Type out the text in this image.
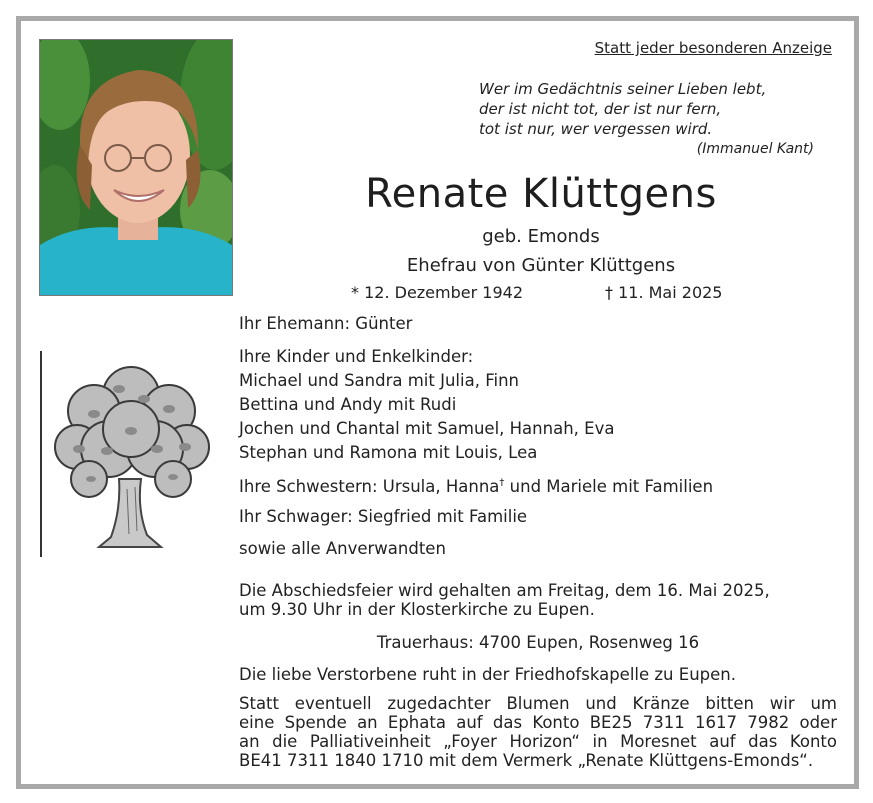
Statt jeder besonderen Anzeige
Wer im Gedächtnis seiner Lieben lebt,
der ist nicht tot, der ist nur fern,
tot ist nur, wer vergessen wird.
(Immanuel Kant)
Renate Klüttgens
geb. Emonds
Ehefrau von Günter Klüttgens
* 12. Dezember 1942	† 11. Mai 2025
Ihr Ehemann: Günter
Ihre Kinder und Enkelkinder:
Michael und Sandra mit Julia, Finn
Bettina und Andy mit Rudi
Jochen und Chantal mit Samuel, Hannah, Eva
Stephan und Ramona mit Louis, Lea
Ihre Schwestern: Ursula, Hanna† und Mariele mit Familien
Ihr Schwager: Siegfried mit Familie
sowie alle Anverwandten
Die Abschiedsfeier wird gehalten am Freitag, dem 16. Mai 2025,
um 9.30 Uhr in der Klosterkirche zu Eupen.
Trauerhaus: 4700 Eupen, Rosenweg 16
Die liebe Verstorbene ruht in der Friedhofskapelle zu Eupen.
Statt eventuell zugedachter Blumen und Kränze bitten wir um
eine Spende an Ephata auf das Konto BE25 7311 1617 7982 oder
an die Palliativeinheit „Foyer Horizon“ in Moresnet auf das Konto
BE41 7311 1840 1710 mit dem Vermerk „Renate Klüttgens-Emonds“.
